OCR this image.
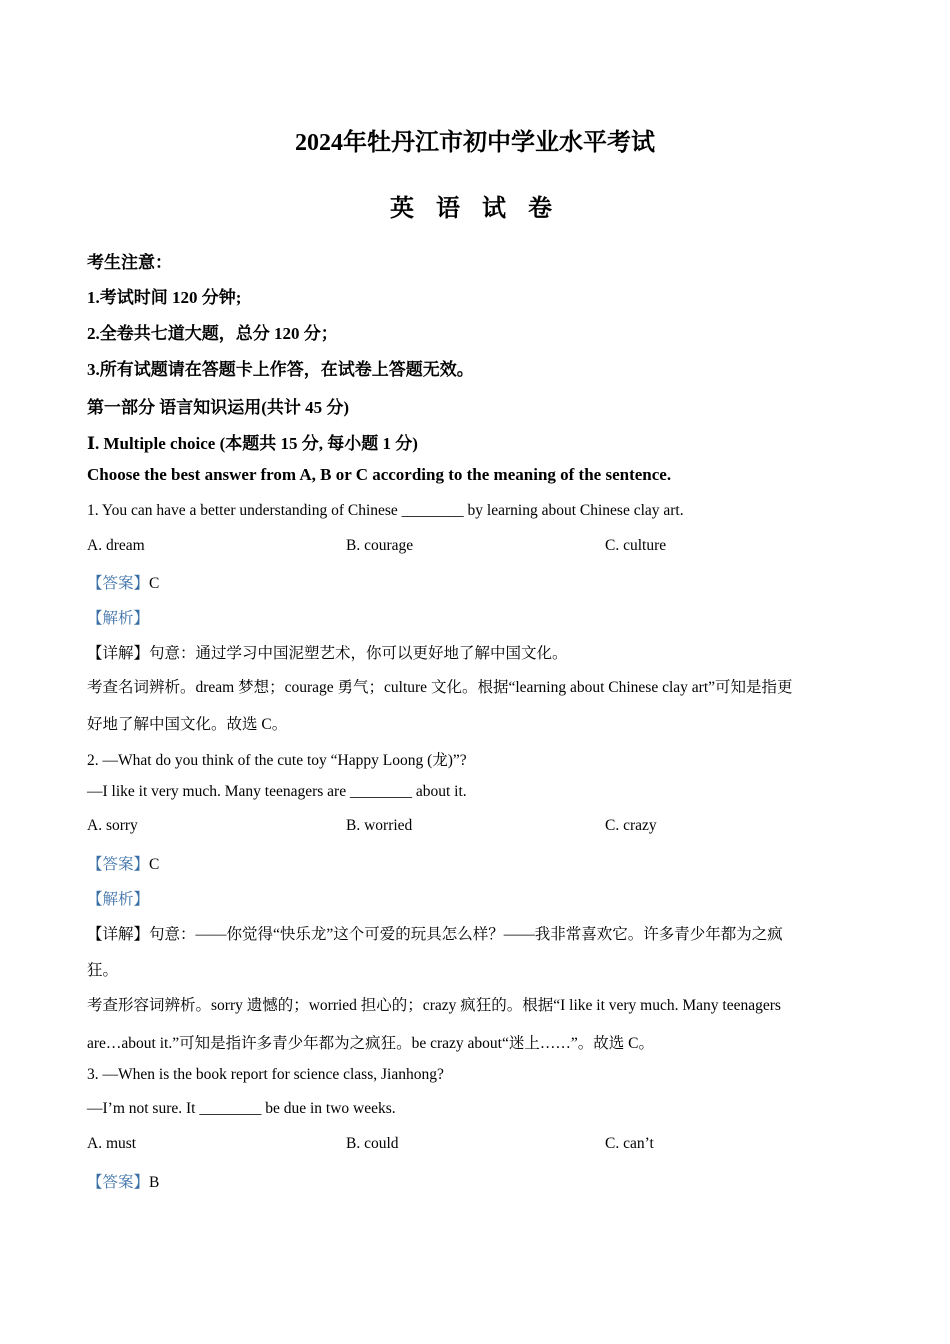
2024年牡丹江市初中学业水平考试
英 语 试 卷

考生注意：

1.考试时间 120 分钟;

2.全卷共七道大题，总分 120 分；

3.所有试题请在答题卡上作答，在试卷上答题无效。

第一部分 语言知识运用(共计 45 分)

Ⅰ. Multiple choice (本题共 15 分, 每小题 1 分)

Choose the best answer from A, B or C according to the meaning of the sentence.

1. You can have a better understanding of Chinese ________ by learning about Chinese clay art.

A. dream	B. courage	C. culture

【答案】C

【解析】

【详解】句意：通过学习中国泥塑艺术，你可以更好地了解中国文化。

考查名词辨析。dream 梦想；courage 勇气；culture 文化。根据“learning about Chinese clay art”可知是指更

好地了解中国文化。故选 C。

2. —What do you think of the cute toy “Happy Loong (龙)”?

—I like it very much. Many teenagers are ________ about it.

A. sorry	B. worried	C. crazy

【答案】C

【解析】

【详解】句意：——你觉得“快乐龙”这个可爱的玩具怎么样？——我非常喜欢它。许多青少年都为之疯

狂。

考查形容词辨析。sorry 遗憾的；worried 担心的；crazy 疯狂的。根据“I like it very much. Many teenagers

are…about it.”可知是指许多青少年都为之疯狂。be crazy about“迷上……”。故选 C。

3. —When is the book report for science class, Jianhong?

—I’m not sure. It ________ be due in two weeks.

A. must	B. could	C. can’t

【答案】B
